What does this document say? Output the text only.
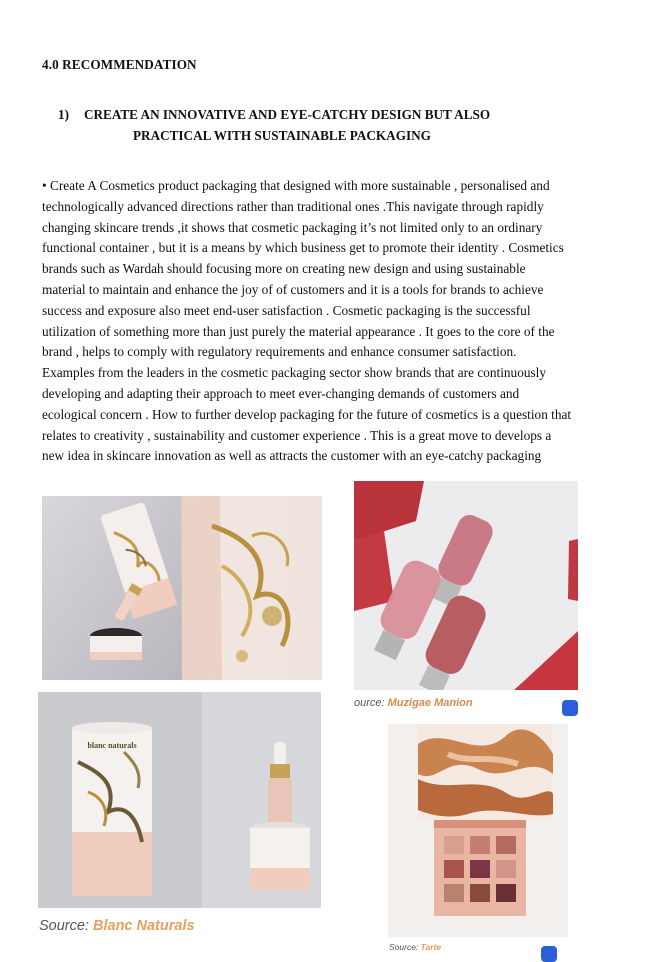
4.0 RECOMMENDATION
1) CREATE AN INNOVATIVE AND EYE-CATCHY DESIGN BUT ALSO
PRACTICAL WITH SUSTAINABLE PACKAGING
• Create A Cosmetics product packaging that designed with more sustainable , personalised and
technologically advanced directions rather than traditional ones .This navigate through rapidly
changing skincare trends ,it shows that cosmetic packaging it’s not limited only to an ordinary
functional container , but it is a means by which business get to promote their identity . Cosmetics
brands such as Wardah should focusing more on creating new design and using sustainable
material to maintain and enhance the joy of of customers and it is a tools for brands to achieve
success and exposure also meet end-user satisfaction . Cosmetic packaging is the successful
utilization of something more than just purely the material appearance . It goes to the core of the
brand , helps to comply with regulatory requirements and enhance consumer satisfaction.
Examples from the leaders in the cosmetic packaging sector show brands that are continuously
developing and adapting their approach to meet ever-changing demands of customers and
ecological concern . How to further develop packaging for the future of cosmetics is a question that
relates to creativity , sustainability and customer experience . This is a great move to develops a
new idea in skincare innovation as well as attracts the customer with an eye-catchy packaging
blanc naturals
Source: Blanc Naturals
ource: Muzigae Manion
Source: Tarte
